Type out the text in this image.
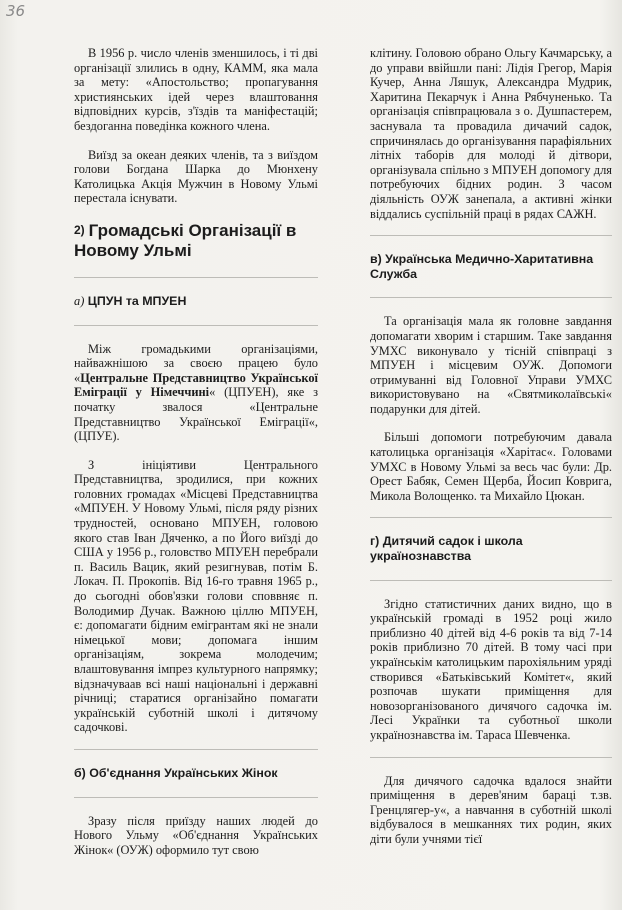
36

В 1956 р. число членів зменшилось, і ті дві організації злились в одну, КАММ, яка мала за мету: «Апостольство; пропагування християнських ідей через влаштовання відповідних курсів, з'їздів та маніфестацій; бездоганна поведінка кожного члена.

Виїзд за океан деяких членів, та з виїздом голови Богдана Шарка до Мюнхену Католицька Акція Мужчин в Новому Ульмі перестала існувати.

2) Громадські Організації в Новому Ульмі
а) ЦПУН та МПУЕН

Між громадькими організаціями, найважнішою за своєю працею було «Центральне Представництво Української Еміграції у Німеччині« (ЦПУЕН), яке з початку звалося «Центральне Представництво Української Еміграції«, (ЦПУЕ).

З ініціятиви Центрального Представництва, зродилися, при кожних головних громадах «Місцеві Представництва «МПУЕН. У Новому Ульмі, після ряду різних трудностей, основано МПУЕН, головою якого став Іван Дяченко, а по Його виїзді до США у 1956 р., головство МПУЕН перебрали п. Василь Вацик, який резигнував, потім Б. Локач. П. Прокопів. Від 16-го травня 1965 р., до сьогодні обов'язки голови споввняє п. Володимир Дучак. Важною ціллю МПУЕН, є: допомагати бідним емігрантам які не знали німецької мови; допомага іншим організаціям, зокрема молодечим; влаштовування імпрез культурного напрямку; відзначуваав всі наші національні і державні річниці; старатися організайно помагати українській суботній школі і дитячому садочкові.

б) Об'єднання Українських Жінок

Зразу після приїзду наших людей до Нового Ульму «Об'єднання Українських Жінок« (ОУЖ) оформило тут свою

клітину. Головою обрано Ольгу Качмарську, а до управи ввійшли пані: Лідія Грегор, Марія Кучер, Анна Ляшук, Александра Мудрик, Харитина Пекарчук і Анна Рябчуненько. Та організація співпрацювала з о. Душпастерем, заснувала та провадила дичачий садок, спричинялась до організування парафіяльних літніх таборів для молоді й дітвори, організувала спільно з МПУЕН допомогу для потребуючих бідних родин. З часом діяльність ОУЖ занепала, а активні жінки віддались суспільній праці в рядах САЖН.

в) Українська Медично-Харитативна Служба

Та організація мала як головне завдання допомагати хворим і старшим. Таке завдання УМХС виконувало у тісній співпраці з МПУЕН і місцевим ОУЖ. Допомоги отримуванні від Головної Управи УМХС використовувано на «Святмиколаївські« подарунки для дітей.

Більші допомоги потребуючим давала католицька організація «Харітас«. Головами УМХС в Новому Ульмі за весь час були: Др. Орест Бабяк, Семен Щерба, Йосип Коврига, Микола Волощенко. та Михайло Цюкан.

г) Дитячий садок і школа українознавства

Згідно статистичних даних видно, що в українській громаді в 1952 році жило приблизно 40 дітей від 4-6 років та від 7-14 років приблизно 70 дітей. В тому часі при українськім католицьким парохіяльним уряді створився «Батьківський Комітет«, який розпочав шукати приміщення для новозорганізованого дичячого садочка ім. Лесі Українки та суботньої школи українознавства ім. Тараса Шевченка.

Для дичячого садочка вдалося знайти приміщення в дерев'яним бараці т.зв. Гренцлягер-у«, а навчання в суботній школі відбувалося в мешканнях тих родин, яких діти були учнями тієї
